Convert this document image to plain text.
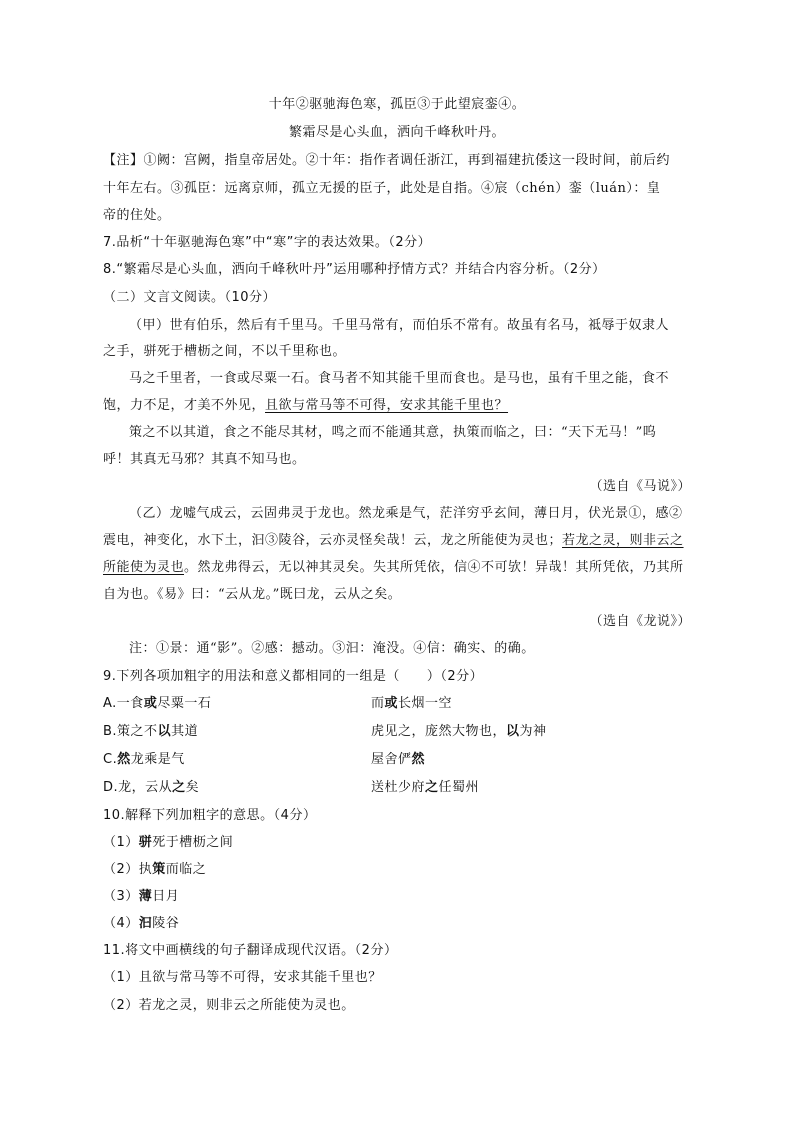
十年②驱驰海色寒，孤臣③于此望宸銮④。
繁霜尽是心头血，洒向千峰秋叶丹。
【注】①阙：宫阙，指皇帝居处。②十年：指作者调任浙江，再到福建抗倭这一段时间，前后约
十年左右。③孤臣：远离京师，孤立无援的臣子，此处是自指。④宸（chén）銮（luán）：皇
帝的住处。
7.品析“十年驱驰海色寒”中“寒”字的表达效果。（2分）
8.“繁霜尽是心头血，洒向千峰秋叶丹”运用哪种抒情方式？并结合内容分析。（2分）
（二）文言文阅读。（10分）
（甲）世有伯乐，然后有千里马。千里马常有，而伯乐不常有。故虽有名马，祗辱于奴隶人
之手，骈死于槽枥之间，不以千里称也。
马之千里者，一食或尽粟一石。食马者不知其能千里而食也。是马也，虽有千里之能，食不
饱，力不足，才美不外见，且欲与常马等不可得，安求其能千里也？
策之不以其道，食之不能尽其材，鸣之而不能通其意，执策而临之，曰：“天下无马！”呜
呼！其真无马邪？其真不知马也。
（选自《马说》）
（乙）龙嘘气成云，云固弗灵于龙也。然龙乘是气，茫洋穷乎玄间，薄日月，伏光景①，感②
震电，神变化，水下土，汩③陵谷，云亦灵怪矣哉！云，龙之所能使为灵也；若龙之灵，则非云之
所能使为灵也。然龙弗得云，无以神其灵矣。失其所凭依，信④不可欤！异哉！其所凭依，乃其所
自为也。《易》曰：“云从龙。”既曰龙，云从之矣。
（选自《龙说》）
注：①景：通“影”。②感：撼动。③汩：淹没。④信：确实、的确。
9.下列各项加粗字的用法和意义都相同的一组是（　　）（2分）
A.一食或尽粟一石	而或长烟一空
B.策之不以其道	虎见之，庞然大物也，以为神
C.然龙乘是气	屋舍俨然
D.龙，云从之矣	送杜少府之任蜀州
10.解释下列加粗字的意思。（4分）
（1）骈死于槽枥之间
（2）执策而临之
（3）薄日月
（4）汩陵谷
11.将文中画横线的句子翻译成现代汉语。（2分）
（1）且欲与常马等不可得，安求其能千里也？
（2）若龙之灵，则非云之所能使为灵也。
